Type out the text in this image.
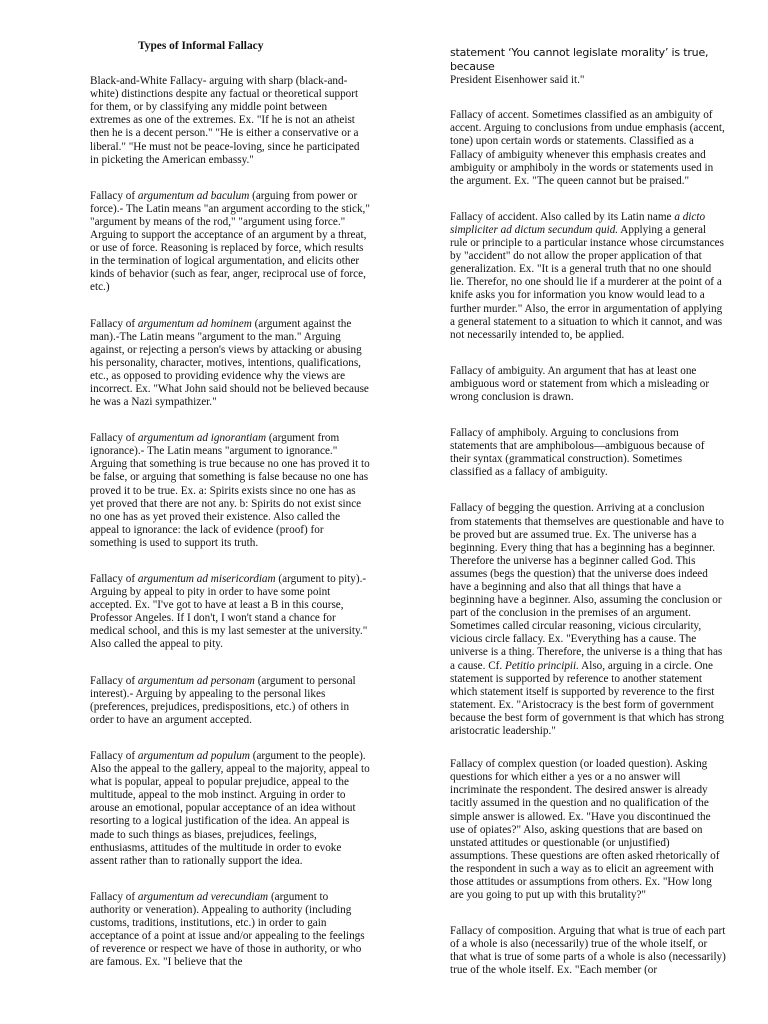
Types of Informal Fallacy

Black-and-White Fallacy- arguing with sharp (black-and-white) distinctions despite any factual or theoretical support for them, or by classifying any middle point between extremes as one of the extremes. Ex. "If he is not an atheist then he is a decent person." "He is either a conservative or a liberal." "He must not be peace-loving, since he participated in picketing the American embassy."

Fallacy of argumentum ad baculum (arguing from power or force).- The Latin means "an argument according to the stick," "argument by means of the rod," "argument using force." Arguing to support the acceptance of an argument by a threat, or use of force. Reasoning is replaced by force, which results in the termination of logical argumentation, and elicits other kinds of behavior (such as fear, anger, reciprocal use of force, etc.)

Fallacy of argumentum ad hominem (argument against the man).-The Latin means "argument to the man." Arguing against, or rejecting a person's views by attacking or abusing his personality, character, motives, intentions, qualifications, etc., as opposed to providing evidence why the views are incorrect. Ex. "What John said should not be believed because he was a Nazi sympathizer."

Fallacy of argumentum ad ignorantiam (argument from ignorance).- The Latin means "argument to ignorance." Arguing that something is true because no one has proved it to be false, or arguing that something is false because no one has proved it to be true. Ex. a: Spirits exists since no one has as yet proved that there are not any. b: Spirits do not exist since no one has as yet proved their existence. Also called the appeal to ignorance: the lack of evidence (proof) for something is used to support its truth.

Fallacy of argumentum ad misericordiam (argument to pity).- Arguing by appeal to pity in order to have some point accepted. Ex. "I've got to have at least a B in this course, Professor Angeles. If I don't, I won't stand a chance for medical school, and this is my last semester at the university." Also called the appeal to pity.

Fallacy of argumentum ad personam (argument to personal interest).- Arguing by appealing to the personal likes (preferences, prejudices, predispositions, etc.) of others in order to have an argument accepted.

Fallacy of argumentum ad populum (argument to the people). Also the appeal to the gallery, appeal to the majority, appeal to what is popular, appeal to popular prejudice, appeal to the multitude, appeal to the mob instinct. Arguing in order to arouse an emotional, popular acceptance of an idea without resorting to a logical justification of the idea. An appeal is made to such things as biases, prejudices, feelings, enthusiasms, attitudes of the multitude in order to evoke assent rather than to rationally support the idea.

Fallacy of argumentum ad verecundiam (argument to authority or veneration). Appealing to authority (including customs, traditions, institutions, etc.) in order to gain acceptance of a point at issue and/or appealing to the feelings of reverence or respect we have of those in authority, or who are famous. Ex. "I believe that the

statement ‘You cannot legislate morality’ is true, because
President Eisenhower said it."

Fallacy of accent. Sometimes classified as an ambiguity of accent. Arguing to conclusions from undue emphasis (accent, tone) upon certain words or statements. Classified as a Fallacy of ambiguity whenever this emphasis creates and ambiguity or amphiboly in the words or statements used in the argument. Ex. "The queen cannot but be praised."

Fallacy of accident. Also called by its Latin name a dicto simpliciter ad dictum secundum quid. Applying a general rule or principle to a particular instance whose circumstances by "accident" do not allow the proper application of that generalization. Ex. "It is a general truth that no one should lie. Therefor, no one should lie if a murderer at the point of a knife asks you for information you know would lead to a further murder." Also, the error in argumentation of applying a general statement to a situation to which it cannot, and was not necessarily intended to, be applied.

Fallacy of ambiguity. An argument that has at least one ambiguous word or statement from which a misleading or wrong conclusion is drawn.

Fallacy of amphiboly. Arguing to conclusions from statements that are amphibolous—ambiguous because of their syntax (grammatical construction). Sometimes classified as a fallacy of ambiguity.

Fallacy of begging the question. Arriving at a conclusion from statements that themselves are questionable and have to be proved but are assumed true. Ex. The universe has a beginning. Every thing that has a beginning has a beginner. Therefore the universe has a beginner called God. This assumes (begs the question) that the universe does indeed have a beginning and also that all things that have a beginning have a beginner. Also, assuming the conclusion or part of the conclusion in the premises of an argument. Sometimes called circular reasoning, vicious circularity, vicious circle fallacy. Ex. "Everything has a cause. The universe is a thing. Therefore, the universe is a thing that has a cause. Cf. Petitio principii. Also, arguing in a circle. One statement is supported by reference to another statement which statement itself is supported by reverence to the first statement. Ex. "Aristocracy is the best form of government because the best form of government is that which has strong aristocratic leadership."

Fallacy of complex question (or loaded question). Asking questions for which either a yes or a no answer will incriminate the respondent. The desired answer is already tacitly assumed in the question and no qualification of the simple answer is allowed. Ex. "Have you discontinued the use of opiates?" Also, asking questions that are based on unstated attitudes or questionable (or unjustified) assumptions. These questions are often asked rhetorically of the respondent in such a way as to elicit an agreement with those attitudes or assumptions from others. Ex. "How long are you going to put up with this brutality?"

Fallacy of composition. Arguing that what is true of each part of a whole is also (necessarily) true of the whole itself, or that what is true of some parts of a whole is also (necessarily) true of the whole itself. Ex. "Each member (or
